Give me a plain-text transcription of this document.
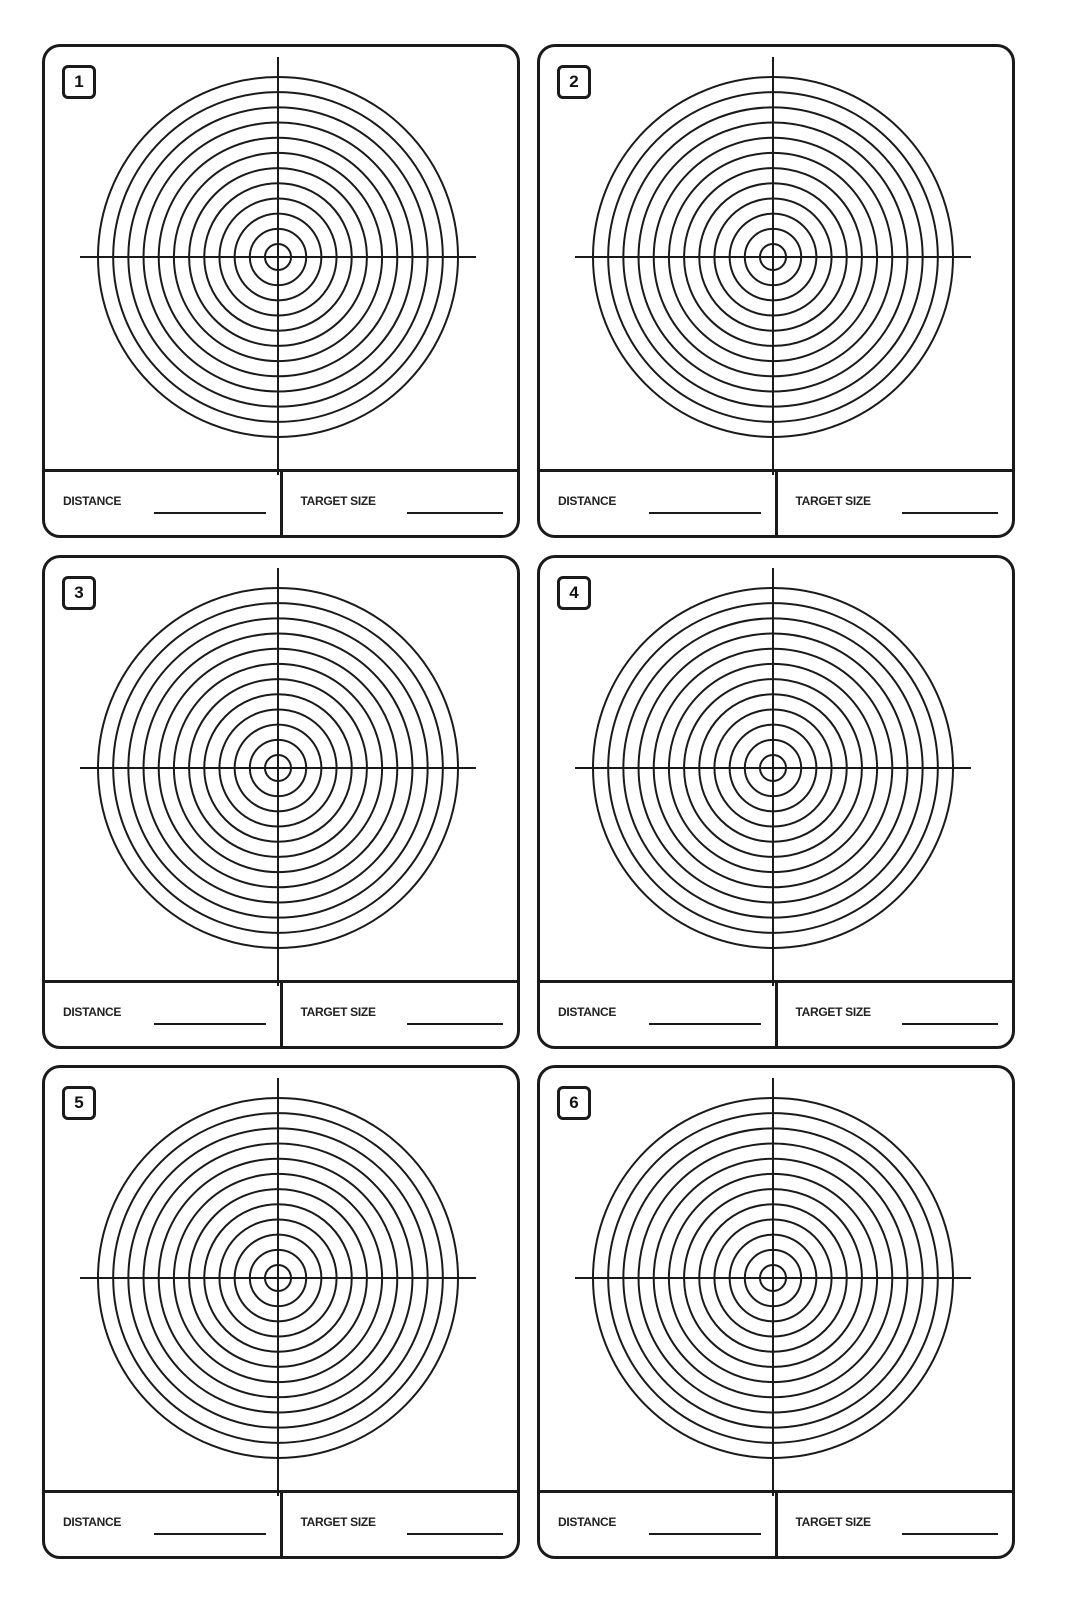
1
DISTANCE	TARGET SIZE
2
DISTANCE	TARGET SIZE
3
DISTANCE	TARGET SIZE
4
DISTANCE	TARGET SIZE
5
DISTANCE	TARGET SIZE
6
DISTANCE	TARGET SIZE
